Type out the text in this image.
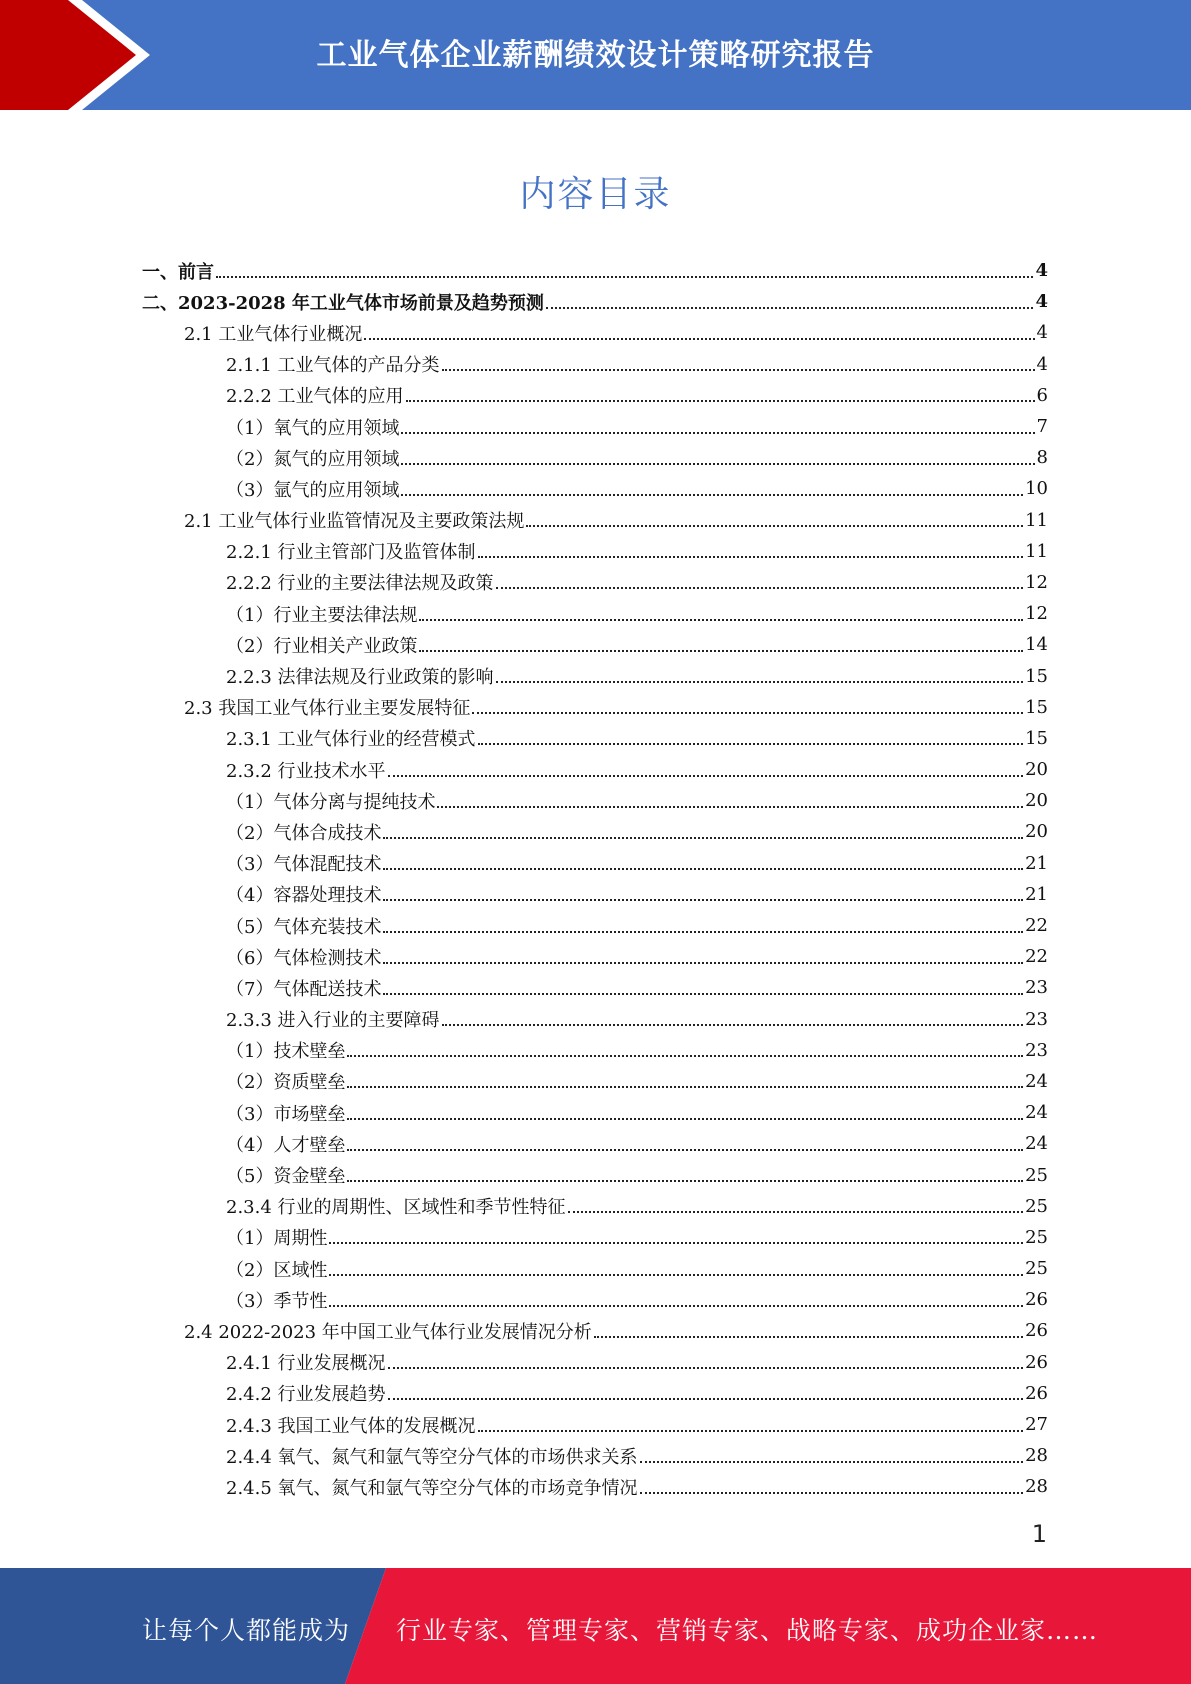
工业气体企业薪酬绩效设计策略研究报告
内容目录
一、前言	4
二、2023-2028 年工业气体市场前景及趋势预测	4
2.1 工业气体行业概况	4
2.1.1 工业气体的产品分类	4
2.2.2 工业气体的应用	6
（1）氧气的应用领域	7
（2）氮气的应用领域	8
（3）氩气的应用领域	10
2.1 工业气体行业监管情况及主要政策法规	11
2.2.1 行业主管部门及监管体制	11
2.2.2 行业的主要法律法规及政策	12
（1）行业主要法律法规	12
（2）行业相关产业政策	14
2.2.3 法律法规及行业政策的影响	15
2.3 我国工业气体行业主要发展特征	15
2.3.1 工业气体行业的经营模式	15
2.3.2 行业技术水平	20
（1）气体分离与提纯技术	20
（2）气体合成技术	20
（3）气体混配技术	21
（4）容器处理技术	21
（5）气体充装技术	22
（6）气体检测技术	22
（7）气体配送技术	23
2.3.3 进入行业的主要障碍	23
（1）技术壁垒	23
（2）资质壁垒	24
（3）市场壁垒	24
（4）人才壁垒	24
（5）资金壁垒	25
2.3.4 行业的周期性、区域性和季节性特征	25
（1）周期性	25
（2）区域性	25
（3）季节性	26
2.4 2022-2023 年中国工业气体行业发展情况分析	26
2.4.1 行业发展概况	26
2.4.2 行业发展趋势	26
2.4.3 我国工业气体的发展概况	27
2.4.4 氧气、氮气和氩气等空分气体的市场供求关系	28
2.4.5 氧气、氮气和氩气等空分气体的市场竞争情况	28
1
让每个人都能成为 行业专家、管理专家、营销专家、战略专家、成功企业家……
